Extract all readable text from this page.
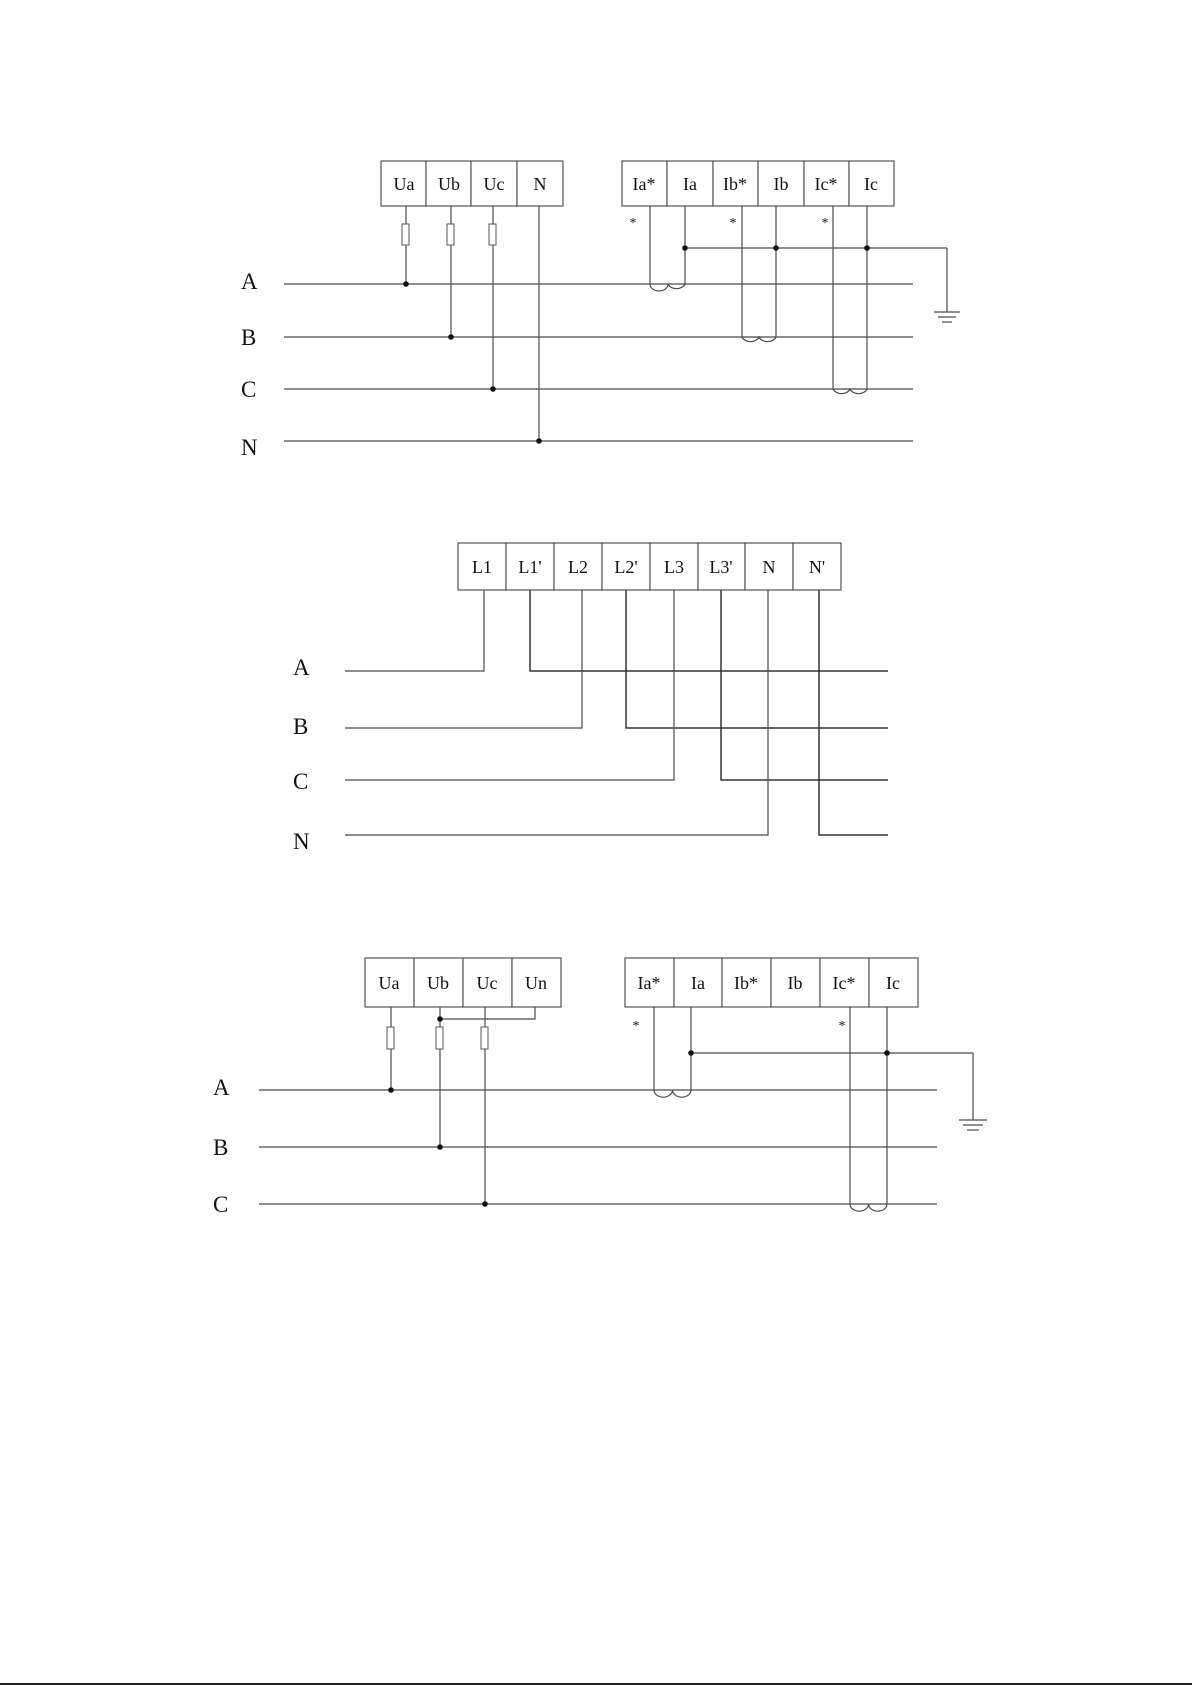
Ua Ub Uc N	Ia* Ia Ib* Ib Ic* Ic
A
B
C
N
*	*	*
L1 L1' L2 L2' L3 L3' N N'
A
B
C
N
Ua Ub Uc Un	Ia* Ia Ib* Ib Ic* Ic
A
B
C
*	*
